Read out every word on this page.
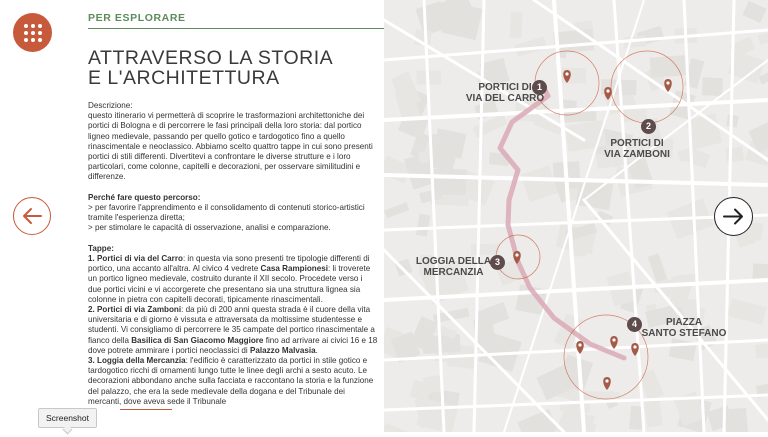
PER ESPLORARE
ATTRAVERSO LA STORIA
E L'ARCHITETTURA

Descrizione:

questo itinerario vi permetterà di scoprire le trasformazioni architettoniche dei portici di Bologna e di percorrere le fasi principali della loro storia: dal portico ligneo medievale, passando per quello gotico e tardogotico fino a quello rinascimentale e neoclassico. Abbiamo scelto quattro tappe in cui sono presenti portici di stili differenti. Divertitevi a confrontare le diverse strutture e i loro particolari, come colonne, capitelli e decorazioni, per osservare similitudini e differenze.

Perché fare questo percorso:

> per favorire l'apprendimento e il consolidamento di contenuti storico-artistici tramite l'esperienza diretta;

> per stimolare le capacità di osservazione, analisi e comparazione.

Tappe:

1. Portici di via del Carro: in questa via sono presenti tre tipologie differenti di portico, una accanto all'altra. Al civico 4 vedrete Casa Rampionesi: li troverete un portico ligneo medievale, costruito durante il XII secolo. Procedete verso i due portici vicini e vi accorgerete che presentano sia una struttura lignea sia colonne in pietra con capitelli decorati, tipicamente rinascimentali.

2. Portici di via Zamboni: da più di 200 anni questa strada è il cuore della vita universitaria e di giorno è vissuta e attraversata da moltissime studentesse e studenti. Vi consigliamo di percorrere le 35 campate del portico rinascimentale a fianco della Basilica di San Giacomo Maggiore fino ad arrivare ai civici 16 e 18 dove potrete ammirare i portici neoclassici di Palazzo Malvasia.

3. Loggia della Mercanzia: l'edificio è caratterizzato da portici in stile gotico e tardogotico ricchi di ornamenti lungo tutte le linee degli archi a sesto acuto. Le decorazioni abbondano anche sulla facciata e raccontano la storia e la funzione del palazzo, che era la sede medievale della dogana e del Tribunale dei mercanti, dove aveva sede il Tribunale

1
2
3
4
PORTICI DI
VIA DEL CARRO
PORTICI DI
VIA ZAMBONI
LOGGIA DELLA
MERCANZIA
PIAZZA
SANTO STEFANO
Screenshot
